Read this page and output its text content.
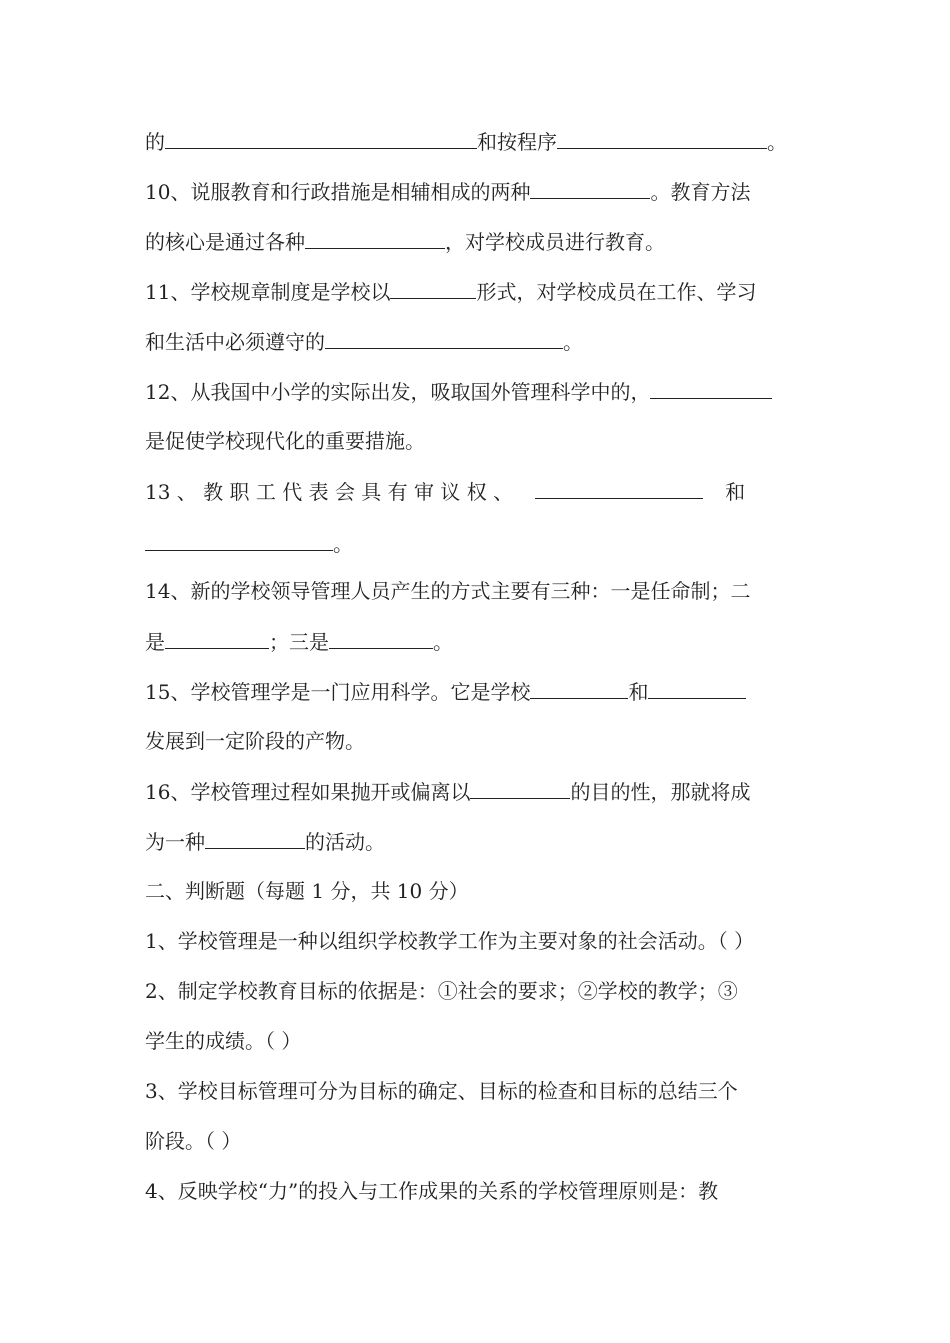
的	和按程序	。
10、说服教育和行政措施是相辅相成的两种	。教育方法
的核心是通过各种	，对学校成员进行教育。
11、学校规章制度是学校以	形式，对学校成员在工作、学习
和生活中必须遵守的	。
12、从我国中小学的实际出发，吸取国外管理科学中的，
是促使学校现代化的重要措施。
13 、 教 职 工 代 表 会 具 有 审 议 权 、	和
。
14、新的学校领导管理人员产生的方式主要有三种：一是任命制；二
是	；三是	。
15、学校管理学是一门应用科学。它是学校	和
发展到一定阶段的产物。
16、学校管理过程如果抛开或偏离以	的目的性，那就将成
为一种	的活动。
二、判断题（每题 1 分，共 10 分）
1、学校管理是一种以组织学校教学工作为主要对象的社会活动。（ ）
2、制定学校教育目标的依据是：①社会的要求；②学校的教学；③
学生的成绩。（ ）
3、学校目标管理可分为目标的确定、目标的检查和目标的总结三个
阶段。（ ）
4、反映学校“力”的投入与工作成果的关系的学校管理原则是：教
